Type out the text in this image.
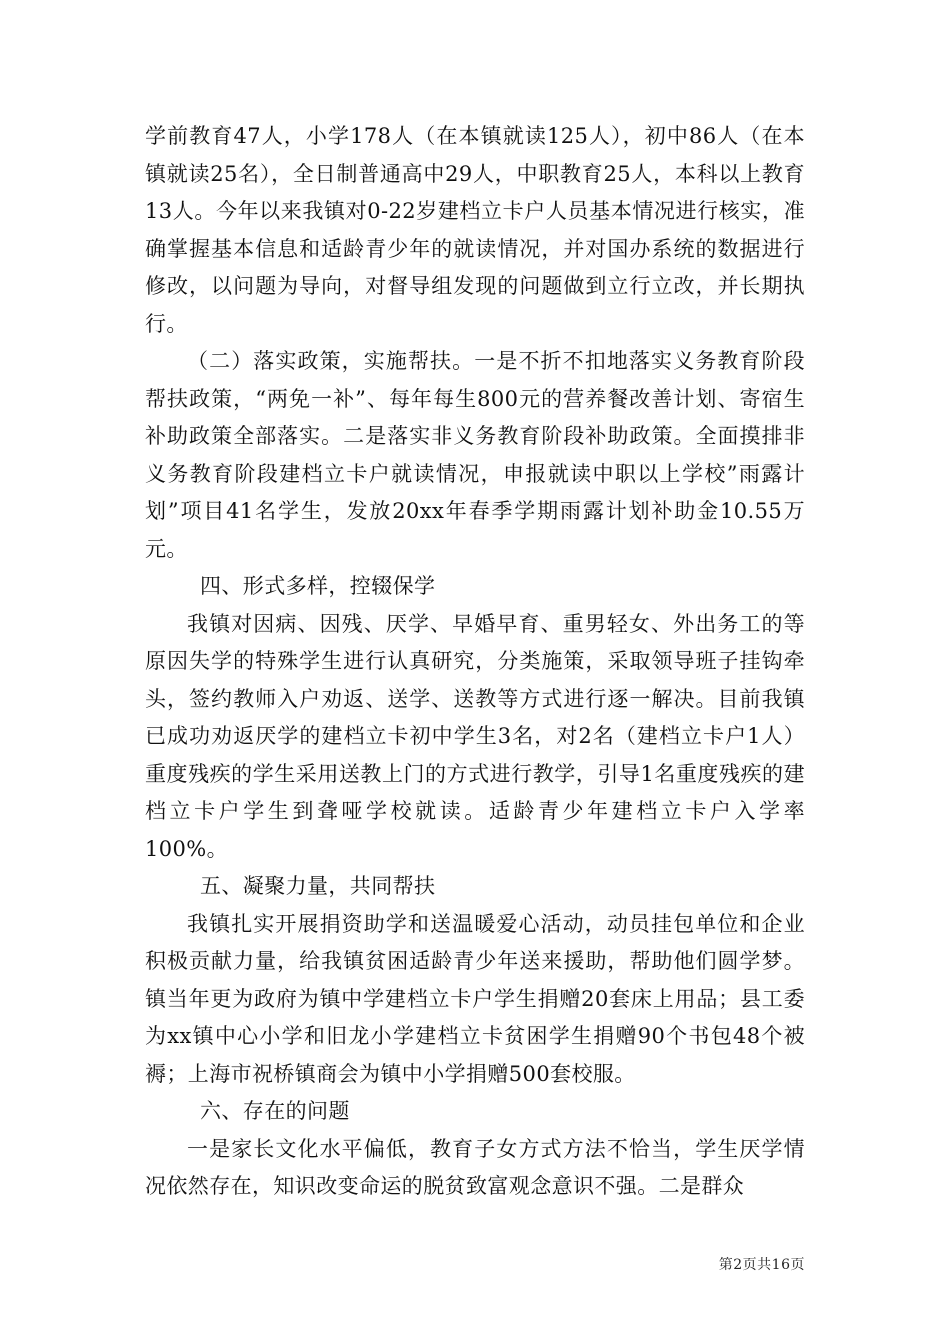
学前教育47人，小学178人（在本镇就读125人），初中86人（在本镇就读25名），全日制普通高中29人，中职教育25人，本科以上教育13人。今年以来我镇对0-22岁建档立卡户人员基本情况进行核实，准确掌握基本信息和适龄青少年的就读情况，并对国办系统的数据进行修改，以问题为导向，对督导组发现的问题做到立行立改，并长期执行。

（二）落实政策，实施帮扶。一是不折不扣地落实义务教育阶段帮扶政策，“两免一补”、每年每生800元的营养餐改善计划、寄宿生补助政策全部落实。二是落实非义务教育阶段补助政策。全面摸排非义务教育阶段建档立卡户就读情况，申报就读中职以上学校”雨露计划”项目41名学生，发放20xx年春季学期雨露计划补助金10.55万元。

四、形式多样，控辍保学

我镇对因病、因残、厌学、早婚早育、重男轻女、外出务工的等原因失学的特殊学生进行认真研究，分类施策，采取领导班子挂钩牵头，签约教师入户劝返、送学、送教等方式进行逐一解决。目前我镇已成功劝返厌学的建档立卡初中学生3名，对2名（建档立卡户1人）重度残疾的学生采用送教上门的方式进行教学，引导1名重度残疾的建档立卡户学生到聋哑学校就读。适龄青少年建档立卡户入学率100%。

五、凝聚力量，共同帮扶

我镇扎实开展捐资助学和送温暖爱心活动，动员挂包单位和企业积极贡献力量，给我镇贫困适龄青少年送来援助，帮助他们圆学梦。镇当年更为政府为镇中学建档立卡户学生捐赠20套床上用品；县工委为xx镇中心小学和旧龙小学建档立卡贫困学生捐赠90个书包48个被褥；上海市祝桥镇商会为镇中小学捐赠500套校服。

六、存在的问题

一是家长文化水平偏低，教育子女方式方法不恰当，学生厌学情况依然存在，知识改变命运的脱贫致富观念意识不强。二是群众

第2页共16页
